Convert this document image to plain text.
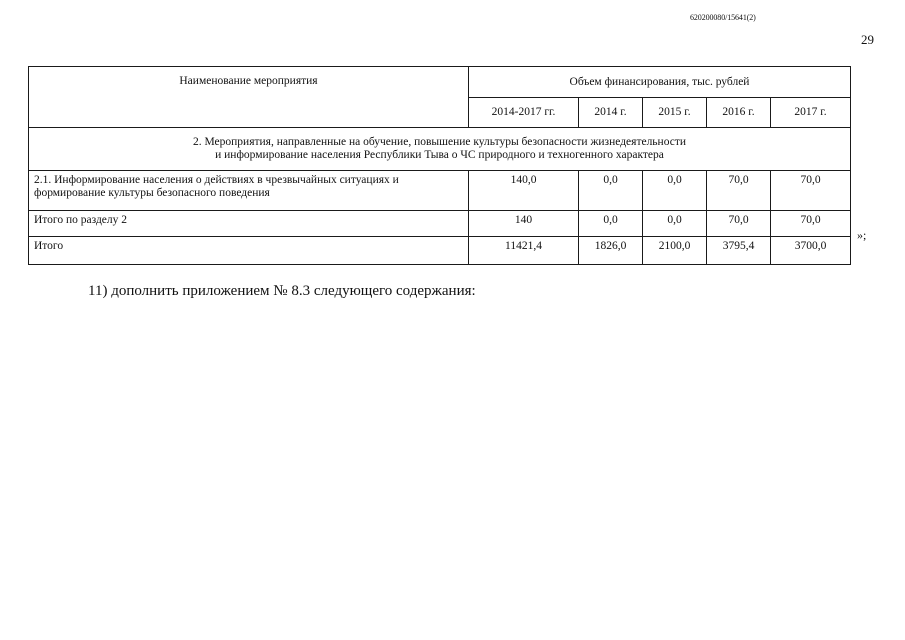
620200080/15641(2)
29
Наименование мероприятия	Объем финансирования, тыс. рублей				
	2014-2017 гг.	2014 г.	2015 г.	2016 г.	2017 г.

2. Мероприятия, направленные на обучение, повышение культуры безопасности жизнедеятельности
и информирование населения Республики Тыва о ЧС природного и техногенного характера					

2.1. Информирование населения о действиях в чрезвычайных ситуациях и
формирование культуры безопасного поведения	140,0	0,0	0,0	70,0	70,0
Итого по разделу 2	140	0,0	0,0	70,0	70,0
Итого	11421,4	1826,0	2100,0	3795,4	3700,0
»;
11) дополнить приложением № 8.3 следующего содержания:
